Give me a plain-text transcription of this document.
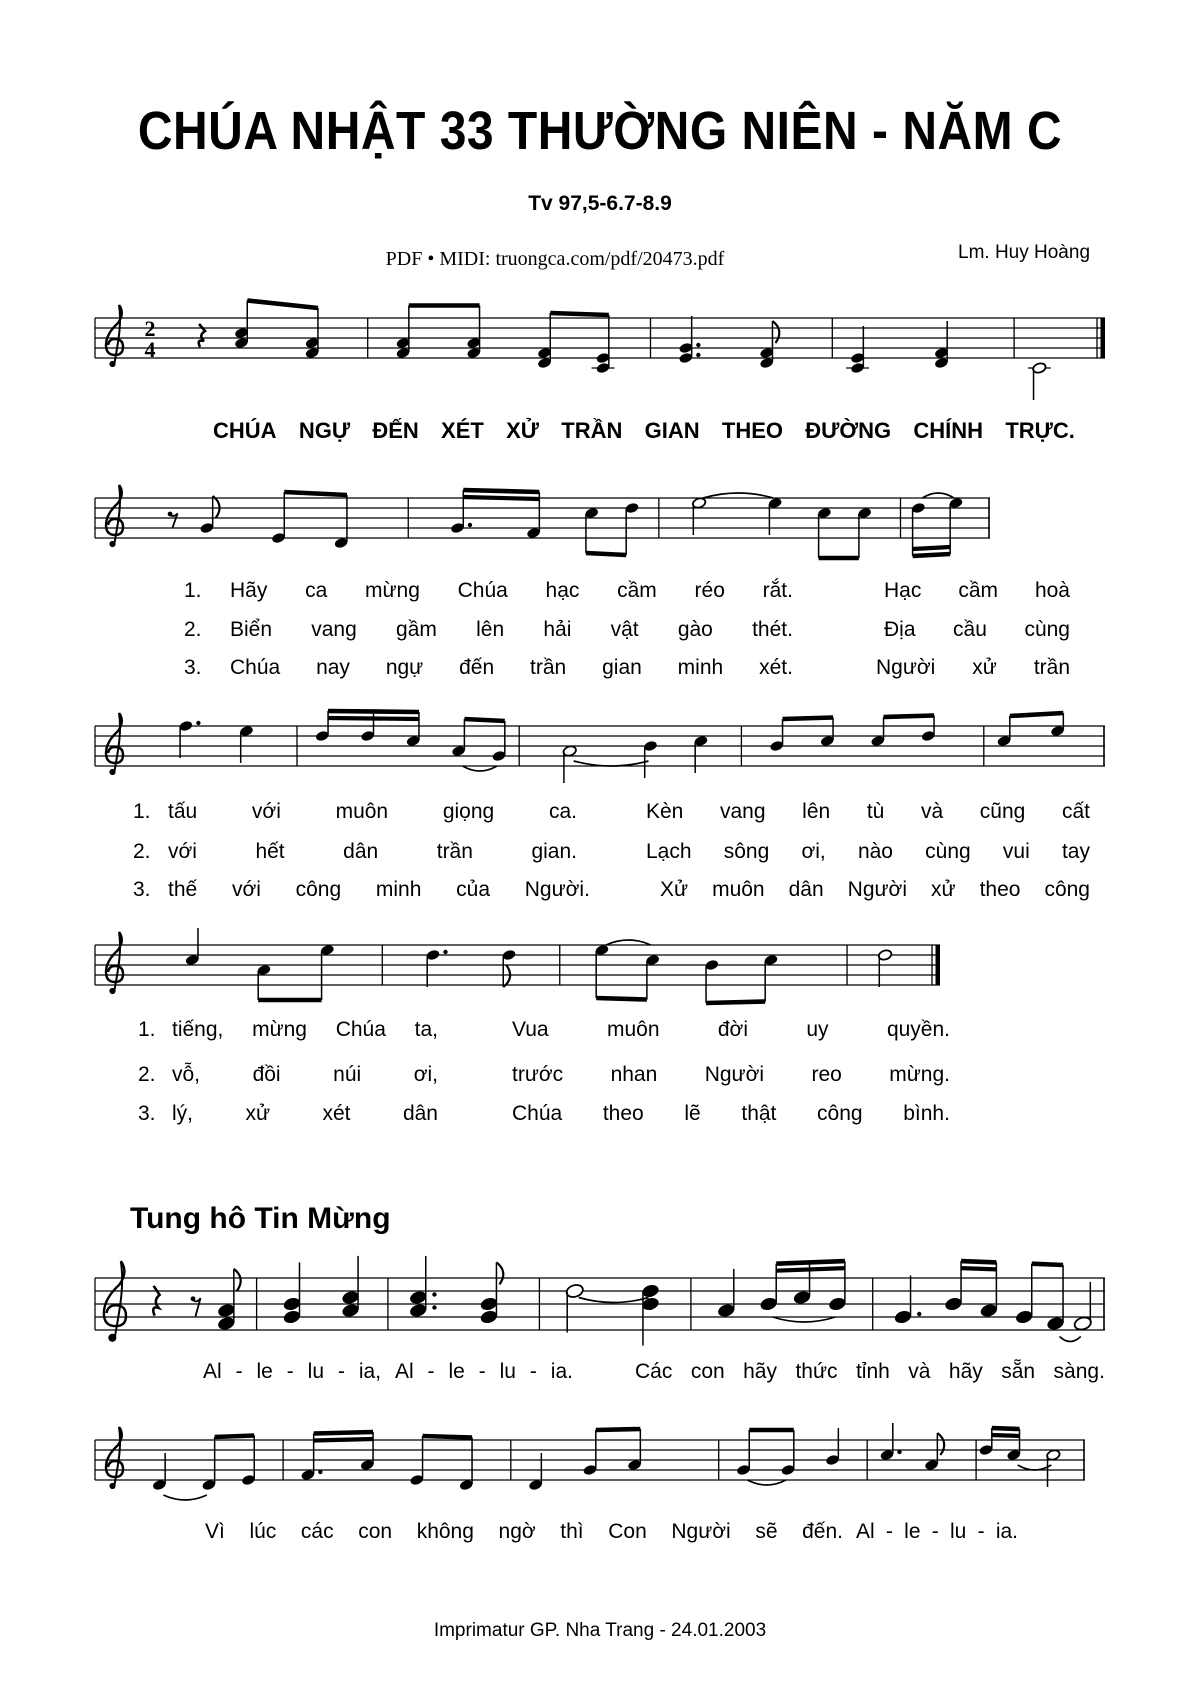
CHÚA NHẬT 33 THƯỜNG NIÊN - NĂM C
Tv 97,5-6.7-8.9
PDF • MIDI: truongca.com/pdf/20473.pdf	Lm. Huy Hoàng
2
4
CHÚA NGỰ ĐẾN XÉT XỬ TRẦN GIAN THEO ĐƯỜNG CHÍNH TRỰC.
1. Hãy ca mừng Chúa hạc cầm réo rắt.	Hạc cầm hoà
2. Biển vang gầm lên hải vật gào thét.	Địa cầu cùng
3. Chúa nay ngự đến trần gian minh xét.	Người xử trần
1. tấu	với	muôn	giọng	ca.	Kèn vang lên tù và cũng cất
2. với	hết	dân	trần	gian.	Lạch sông ơi, nào cùng vui tay
3. thế với công minh của Người.	Xử muôn dân Người xử theo công
1. tiếng, mừng Chúa ta,	Vua	muôn	đời	uy	quyền.
2. vỗ,	đồi	núi	ơi,	trước nhan Người reo mừng.
3. lý, xử xét dân	Chúa theo lẽ thật công bình.
Al - le - lu - ia, Al - le - lu - ia.	Các con hãy thức tỉnh và hãy sẵn sàng.
Vì lúc các con không ngờ thì Con Người sẽ đến. Al - le - lu - ia.
Tung hô Tin Mừng
Imprimatur GP. Nha Trang - 24.01.2003
